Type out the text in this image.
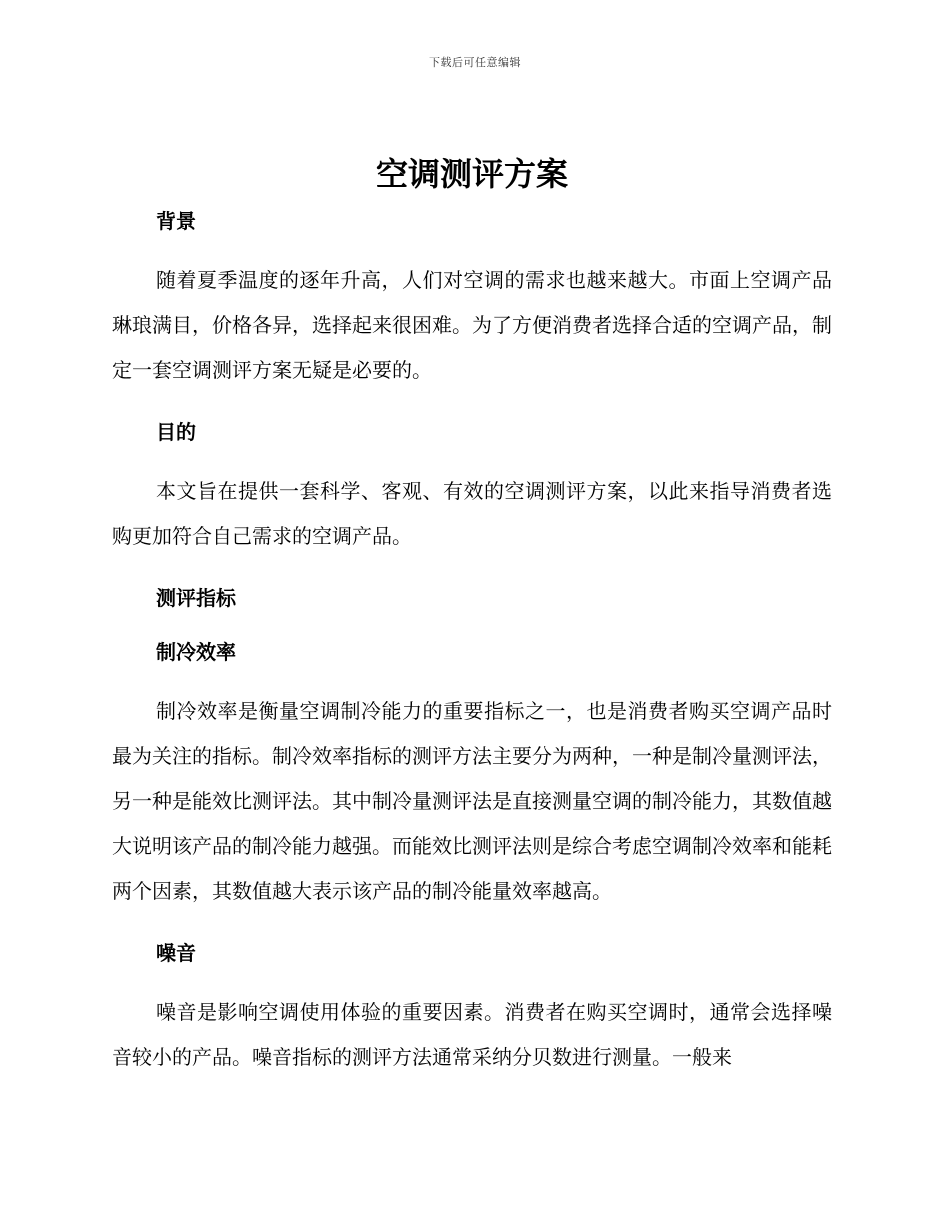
下载后可任意编辑
空调测评方案
背景

随着夏季温度的逐年升高，人们对空调的需求也越来越大。市面上空调产品琳琅满目，价格各异，选择起来很困难。为了方便消费者选择合适的空调产品，制定一套空调测评方案无疑是必要的。

目的

本文旨在提供一套科学、客观、有效的空调测评方案，以此来指导消费者选购更加符合自己需求的空调产品。

测评指标
制冷效率

制冷效率是衡量空调制冷能力的重要指标之一，也是消费者购买空调产品时最为关注的指标。制冷效率指标的测评方法主要分为两种，一种是制冷量测评法，另一种是能效比测评法。其中制冷量测评法是直接测量空调的制冷能力，其数值越大说明该产品的制冷能力越强。而能效比测评法则是综合考虑空调制冷效率和能耗两个因素，其数值越大表示该产品的制冷能量效率越高。

噪音

噪音是影响空调使用体验的重要因素。消费者在购买空调时，通常会选择噪音较小的产品。噪音指标的测评方法通常采纳分贝数进行测量。一般来
